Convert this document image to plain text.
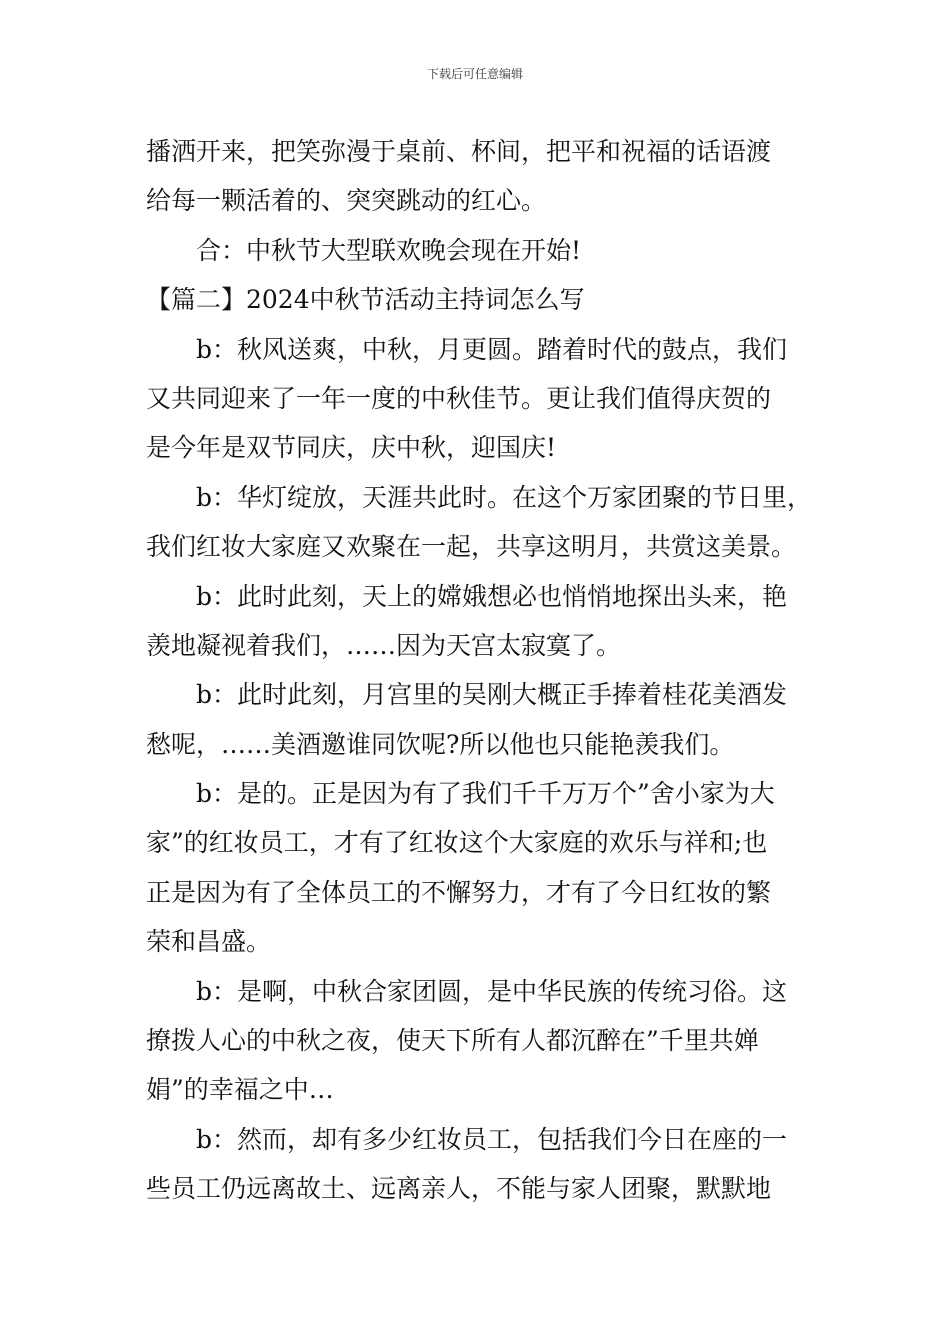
下载后可任意编辑
播洒开来，把笑弥漫于桌前、杯间，把平和祝福的话语渡
给每一颗活着的、突突跳动的红心。
合：中秋节大型联欢晚会现在开始!
【篇二】2024中秋节活动主持词怎么写
b：秋风送爽，中秋，月更圆。踏着时代的鼓点，我们
又共同迎来了一年一度的中秋佳节。更让我们值得庆贺的
是今年是双节同庆，庆中秋，迎国庆!
b：华灯绽放，天涯共此时。在这个万家团聚的节日里，
我们红妆大家庭又欢聚在一起，共享这明月，共赏这美景。
b：此时此刻，天上的嫦娥想必也悄悄地探出头来，艳
羡地凝视着我们，……因为天宫太寂寞了。
b：此时此刻，月宫里的吴刚大概正手捧着桂花美酒发
愁呢，……美酒邀谁同饮呢?所以他也只能艳羡我们。
b：是的。正是因为有了我们千千万万个”舍小家为大
家”的红妆员工，才有了红妆这个大家庭的欢乐与祥和;也
正是因为有了全体员工的不懈努力，才有了今日红妆的繁
荣和昌盛。
b：是啊，中秋合家团圆，是中华民族的传统习俗。这
撩拨人心的中秋之夜，使天下所有人都沉醉在”千里共婵
娟”的幸福之中…
b：然而，却有多少红妆员工，包括我们今日在座的一
些员工仍远离故土、远离亲人，不能与家人团聚，默默地
